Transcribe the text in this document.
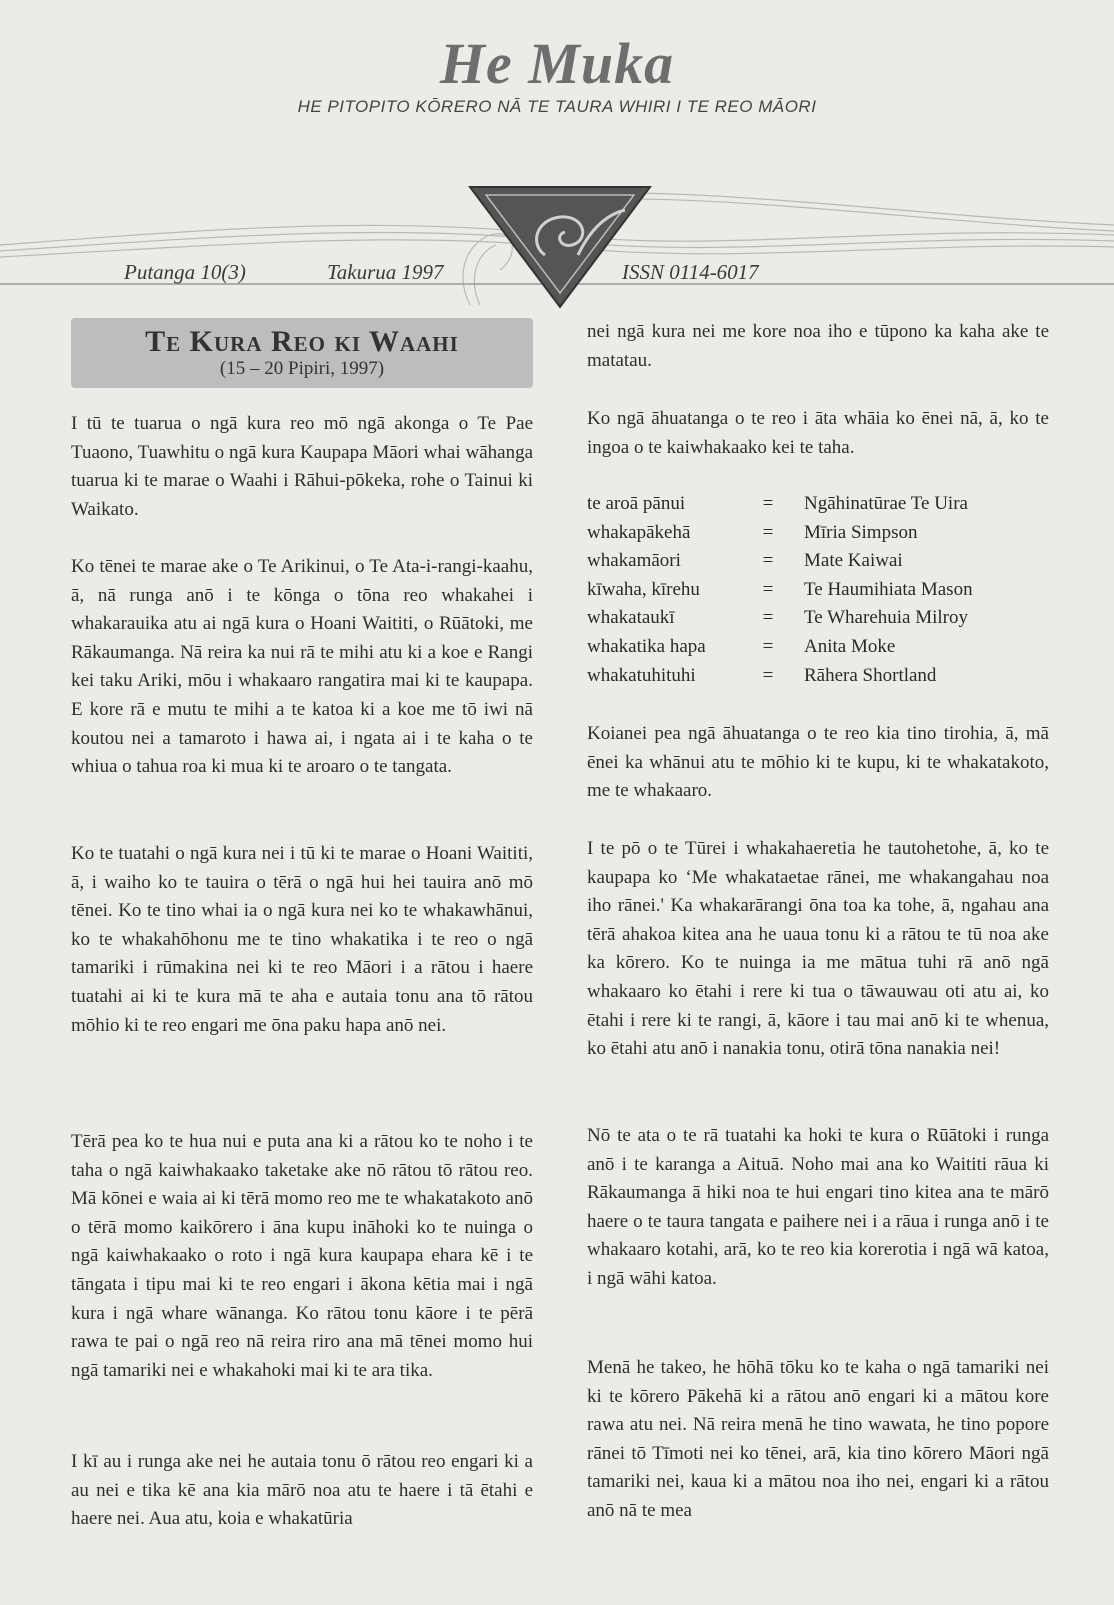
He Muka
HE PITOPITO KŌRERO NĀ TE TAURA WHIRI I TE REO MĀORI
Putanga 10(3)	Takurua 1997	ISSN 0114-6017
Te Kura Reo ki Waahi
(15 – 20 Pipiri, 1997)

I tū te tuarua o ngā kura reo mō ngā akonga o Te Pae Tuaono, Tuawhitu o ngā kura Kaupapa Māori whai wāhanga tuarua ki te marae o Waahi i Rāhui-pōkeka, rohe o Tainui ki Waikato.

Ko tēnei te marae ake o Te Arikinui, o Te Ata-i-rangi-kaahu, ā, nā runga anō i te kōnga o tōna reo whakahei i whakarauika atu ai ngā kura o Hoani Waititi, o Rūātoki, me Rākaumanga. Nā reira ka nui rā te mihi atu ki a koe e Rangi kei taku Ariki, mōu i whakaaro rangatira mai ki te kaupapa. E kore rā e mutu te mihi a te katoa ki a koe me tō iwi nā koutou nei a tamaroto i hawa ai, i ngata ai i te kaha o te whiua o tahua roa ki mua ki te aroaro o te tangata.

Ko te tuatahi o ngā kura nei i tū ki te marae o Hoani Waititi, ā, i waiho ko te tauira o tērā o ngā hui hei tauira anō mō tēnei. Ko te tino whai ia o ngā kura nei ko te whakawhānui, ko te whakahōhonu me te tino whakatika i te reo o ngā tamariki i rūmakina nei ki te reo Māori i a rātou i haere tuatahi ai ki te kura mā te aha e autaia tonu ana tō rātou mōhio ki te reo engari me ōna paku hapa anō nei.

Tērā pea ko te hua nui e puta ana ki a rātou ko te noho i te taha o ngā kaiwhakaako taketake ake nō rātou tō rātou reo. Mā kōnei e waia ai ki tērā momo reo me te whakatakoto anō o tērā momo kaikōrero i āna kupu ināhoki ko te nuinga o ngā kaiwhakaako o roto i ngā kura kaupapa ehara kē i te tāngata i tipu mai ki te reo engari i ākona kētia mai i ngā kura i ngā whare wānanga. Ko rātou tonu kāore i te pērā rawa te pai o ngā reo nā reira riro ana mā tēnei momo hui ngā tamariki nei e whakahoki mai ki te ara tika.

I kī au i runga ake nei he autaia tonu ō rātou reo engari ki a au nei e tika kē ana kia mārō noa atu te haere i tā ētahi e haere nei. Aua atu, koia e whakatūria

nei ngā kura nei me kore noa iho e tūpono ka kaha ake te matatau.

Ko ngā āhuatanga o te reo i āta whāia ko ēnei nā, ā, ko te ingoa o te kaiwhakaako kei te taha.

te aroā pānui	=	Ngāhinatūrae Te Uira
whakapākehā	=	Mīria Simpson
whakamāori	=	Mate Kaiwai
kīwaha, kīrehu	=	Te Haumihiata Mason
whakataukī	=	Te Wharehuia Milroy
whakatika hapa	=	Anita Moke
whakatuhituhi	=	Rāhera Shortland

Koianei pea ngā āhuatanga o te reo kia tino tirohia, ā, mā ēnei ka whānui atu te mōhio ki te kupu, ki te whakatakoto, me te whakaaro.

I te pō o te Tūrei i whakahaeretia he tautohetohe, ā, ko te kaupapa ko ‘Me whakataetae rānei, me whakangahau noa iho rānei.' Ka whakarārangi ōna toa ka tohe, ā, ngahau ana tērā ahakoa kitea ana he uaua tonu ki a rātou te tū noa ake ka kōrero. Ko te nuinga ia me mātua tuhi rā anō ngā whakaaro ko ētahi i rere ki tua o tāwauwau oti atu ai, ko ētahi i rere ki te rangi, ā, kāore i tau mai anō ki te whenua, ko ētahi atu anō i nanakia tonu, otirā tōna nanakia nei!

Nō te ata o te rā tuatahi ka hoki te kura o Rūātoki i runga anō i te karanga a Aituā. Noho mai ana ko Waititi rāua ki Rākaumanga ā hiki noa te hui engari tino kitea ana te mārō haere o te taura tangata e paihere nei i a rāua i runga anō i te whakaaro kotahi, arā, ko te reo kia korerotia i ngā wā katoa, i ngā wāhi katoa.

Menā he takeo, he hōhā tōku ko te kaha o ngā tamariki nei ki te kōrero Pākehā ki a rātou anō engari ki a mātou kore rawa atu nei. Nā reira menā he tino wawata, he tino popore rānei tō Tīmoti nei ko tēnei, arā, kia tino kōrero Māori ngā tamariki nei, kaua ki a mātou noa iho nei, engari ki a rātou anō nā te mea
